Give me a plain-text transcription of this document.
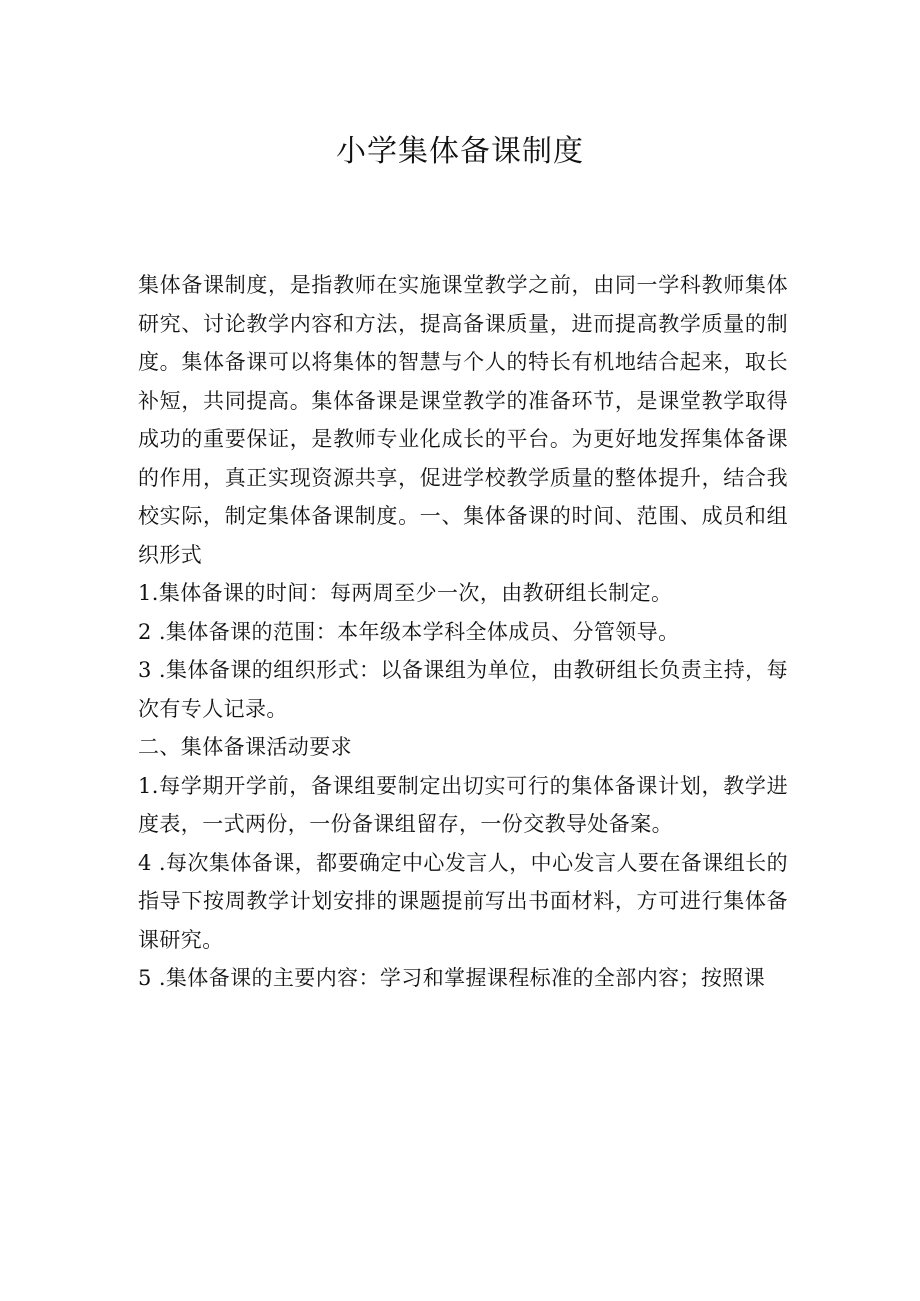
小学集体备课制度

集体备课制度，是指教师在实施课堂教学之前，由同一学科教师集体研究、讨论教学内容和方法，提高备课质量，进而提高教学质量的制度。集体备课可以将集体的智慧与个人的特长有机地结合起来，取长补短，共同提高。集体备课是课堂教学的准备环节，是课堂教学取得成功的重要保证，是教师专业化成长的平台。为更好地发挥集体备课的作用，真正实现资源共享，促进学校教学质量的整体提升，结合我校实际，制定集体备课制度。一、集体备课的时间、范围、成员和组织形式

1.集体备课的时间：每两周至少一次，由教研组长制定。

2 .集体备课的范围：本年级本学科全体成员、分管领导。

3 .集体备课的组织形式：以备课组为单位，由教研组长负责主持，每次有专人记录。

二、集体备课活动要求

1.每学期开学前，备课组要制定出切实可行的集体备课计划，教学进度表，一式两份，一份备课组留存，一份交教导处备案。

4 .每次集体备课，都要确定中心发言人，中心发言人要在备课组长的指导下按周教学计划安排的课题提前写出书面材料，方可进行集体备课研究。

5 .集体备课的主要内容：学习和掌握课程标准的全部内容；按照课
